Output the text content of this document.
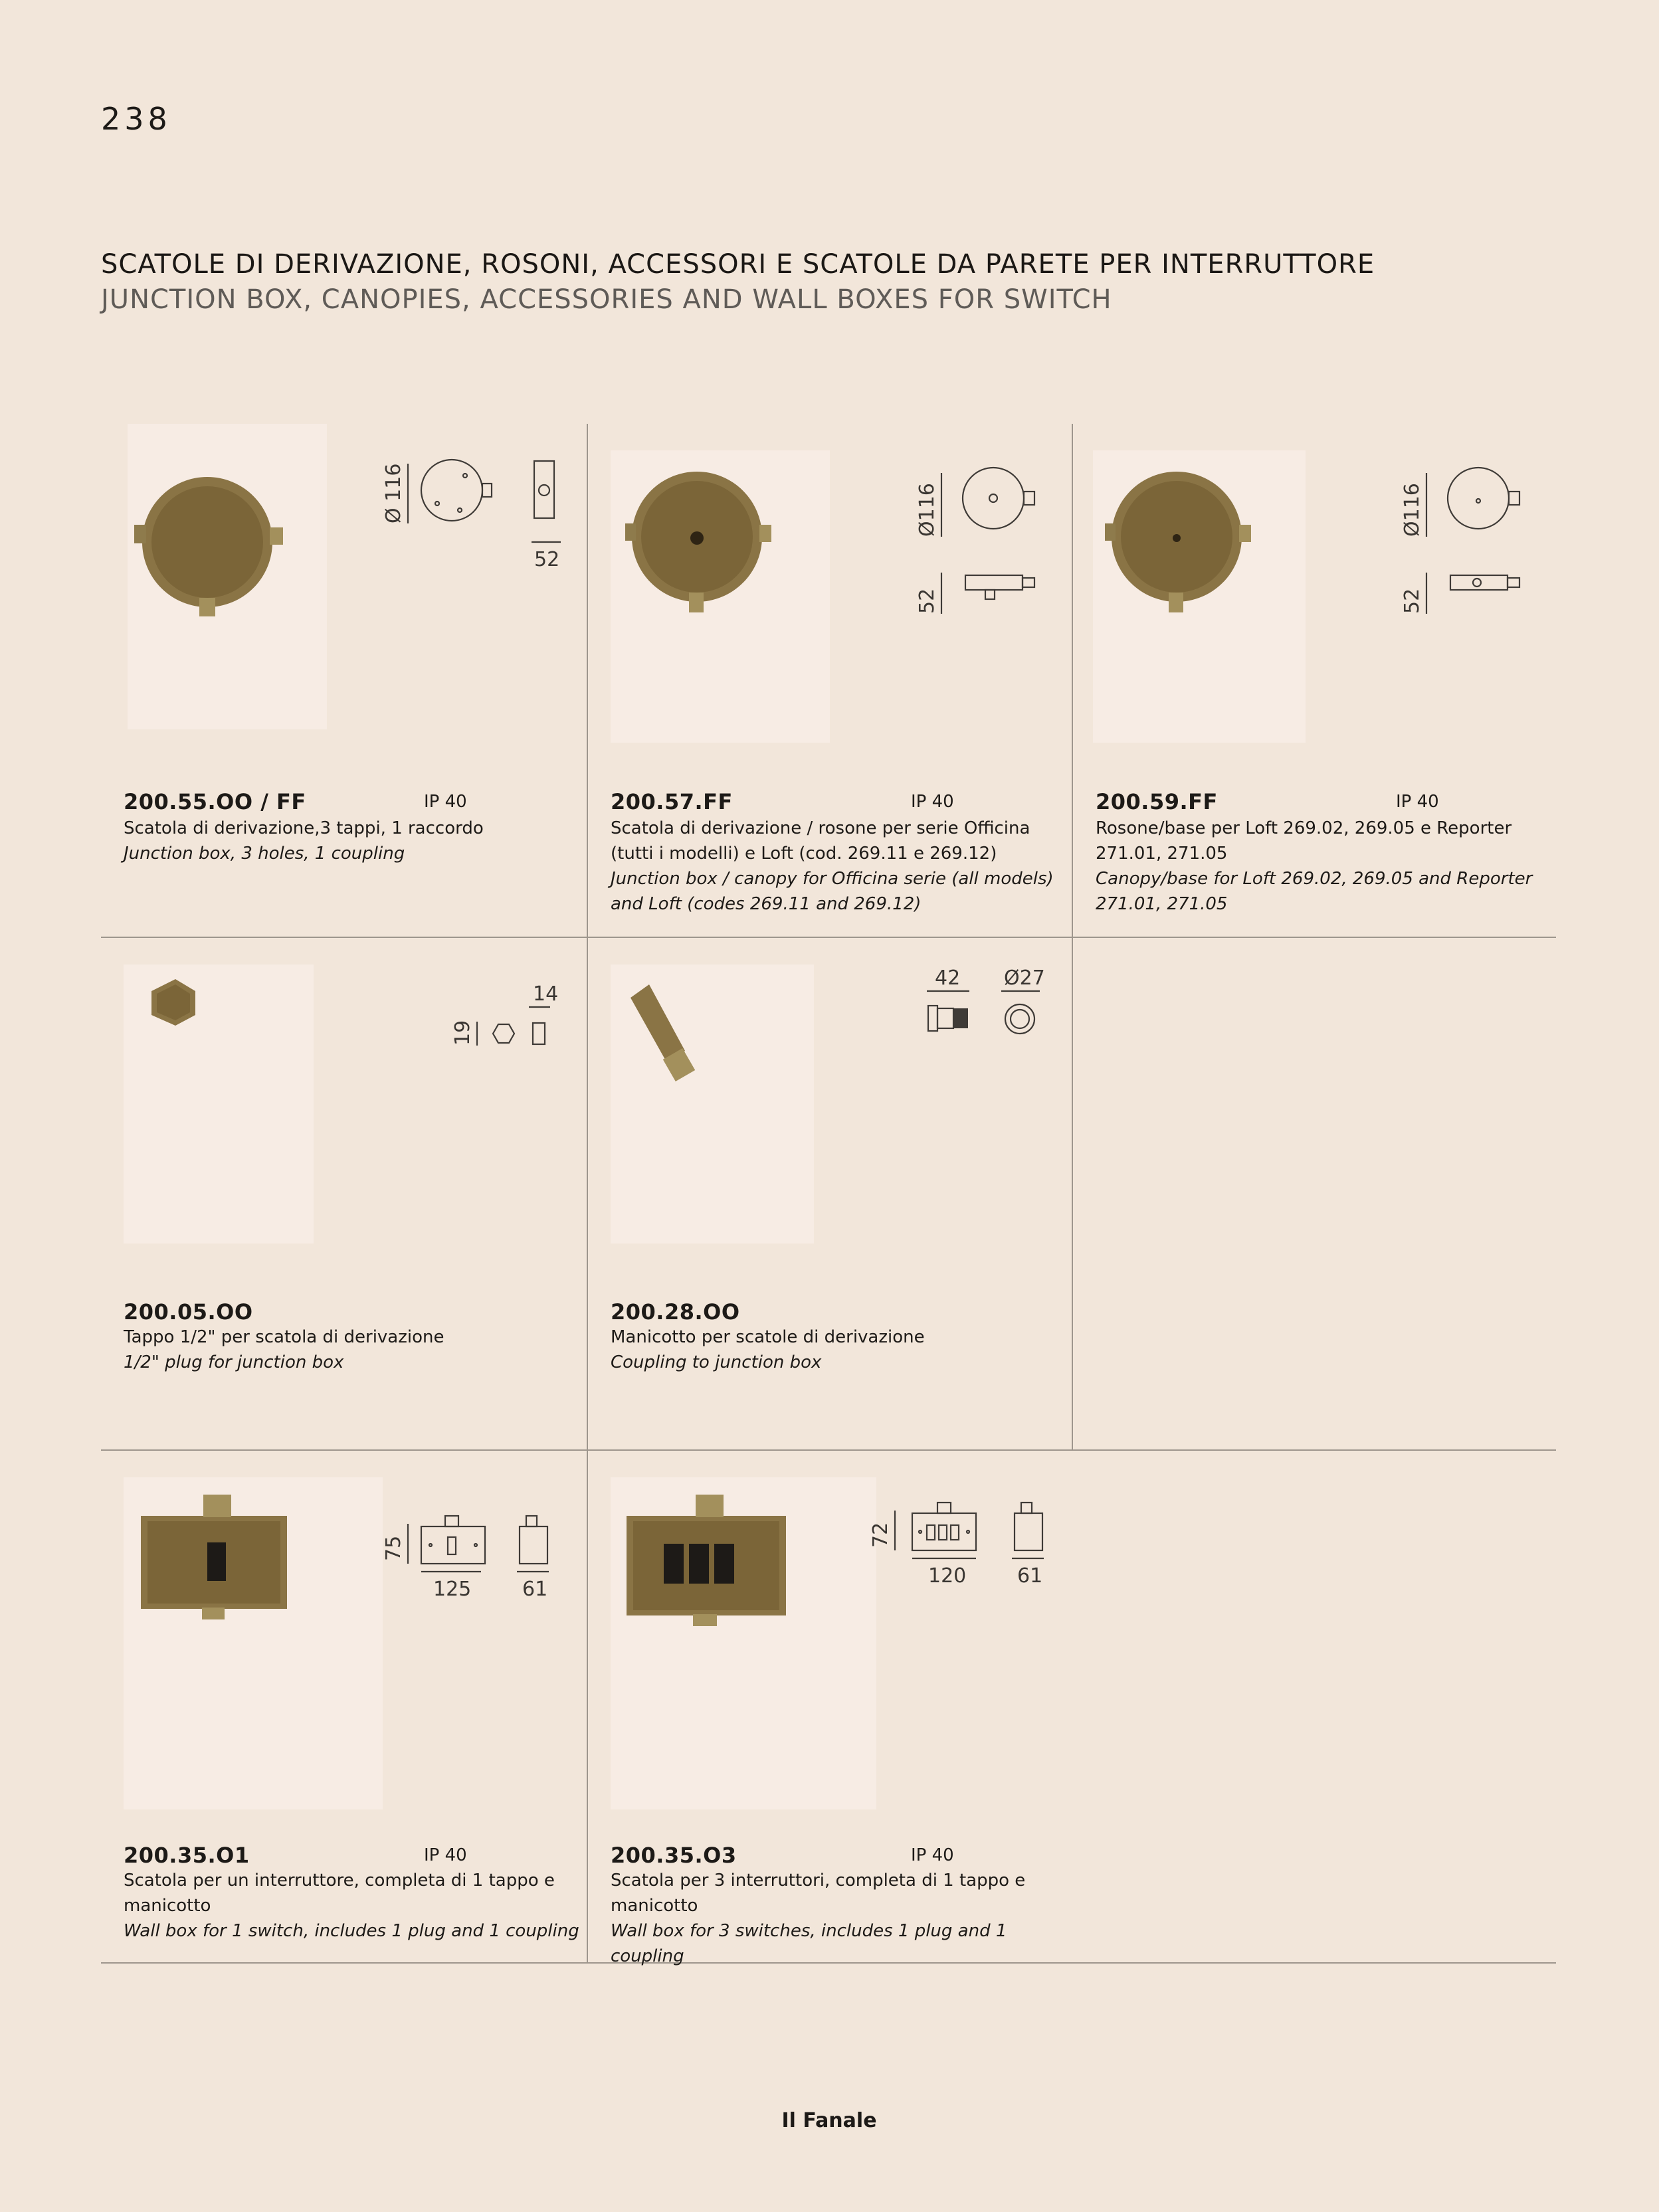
238
SCATOLE DI DERIVAZIONE, ROSONI, ACCESSORI E SCATOLE DA PARETE PER INTERRUTTORE
JUNCTION BOX, CANOPIES, ACCESSORIES AND WALL BOXES FOR SWITCH
Ø 116
52
200.55.OO / FF	IP 40
Scatola di derivazione,3 tappi, 1 raccordo
Junction box, 3 holes, 1 coupling
Ø116
52
200.57.FF	IP 40
Scatola di derivazione / rosone per serie Officina (tutti i modelli) e Loft (cod. 269.11 e 269.12)
Junction box / canopy for Officina serie (all models) and Loft (codes 269.11 and 269.12)
Ø116
52
200.59.FF	IP 40
Rosone/base per Loft 269.02, 269.05 e Reporter 271.01, 271.05
Canopy/base for Loft 269.02, 269.05 and Reporter 271.01, 271.05
14
19
200.05.OO
Tappo 1/2" per scatola di derivazione
1/2" plug for junction box
42 Ø27
200.28.OO
Manicotto per scatole di derivazione
Coupling to junction box
75
125	61
200.35.O1	IP 40
Scatola per un interruttore, completa di 1 tappo e manicotto
Wall box for 1 switch, includes 1 plug and 1 coupling
72
120	61
200.35.O3	IP 40
Scatola per 3 interruttori, completa di 1 tappo e manicotto
Wall box for 3 switches, includes 1 plug and 1 coupling
Il Fanale
